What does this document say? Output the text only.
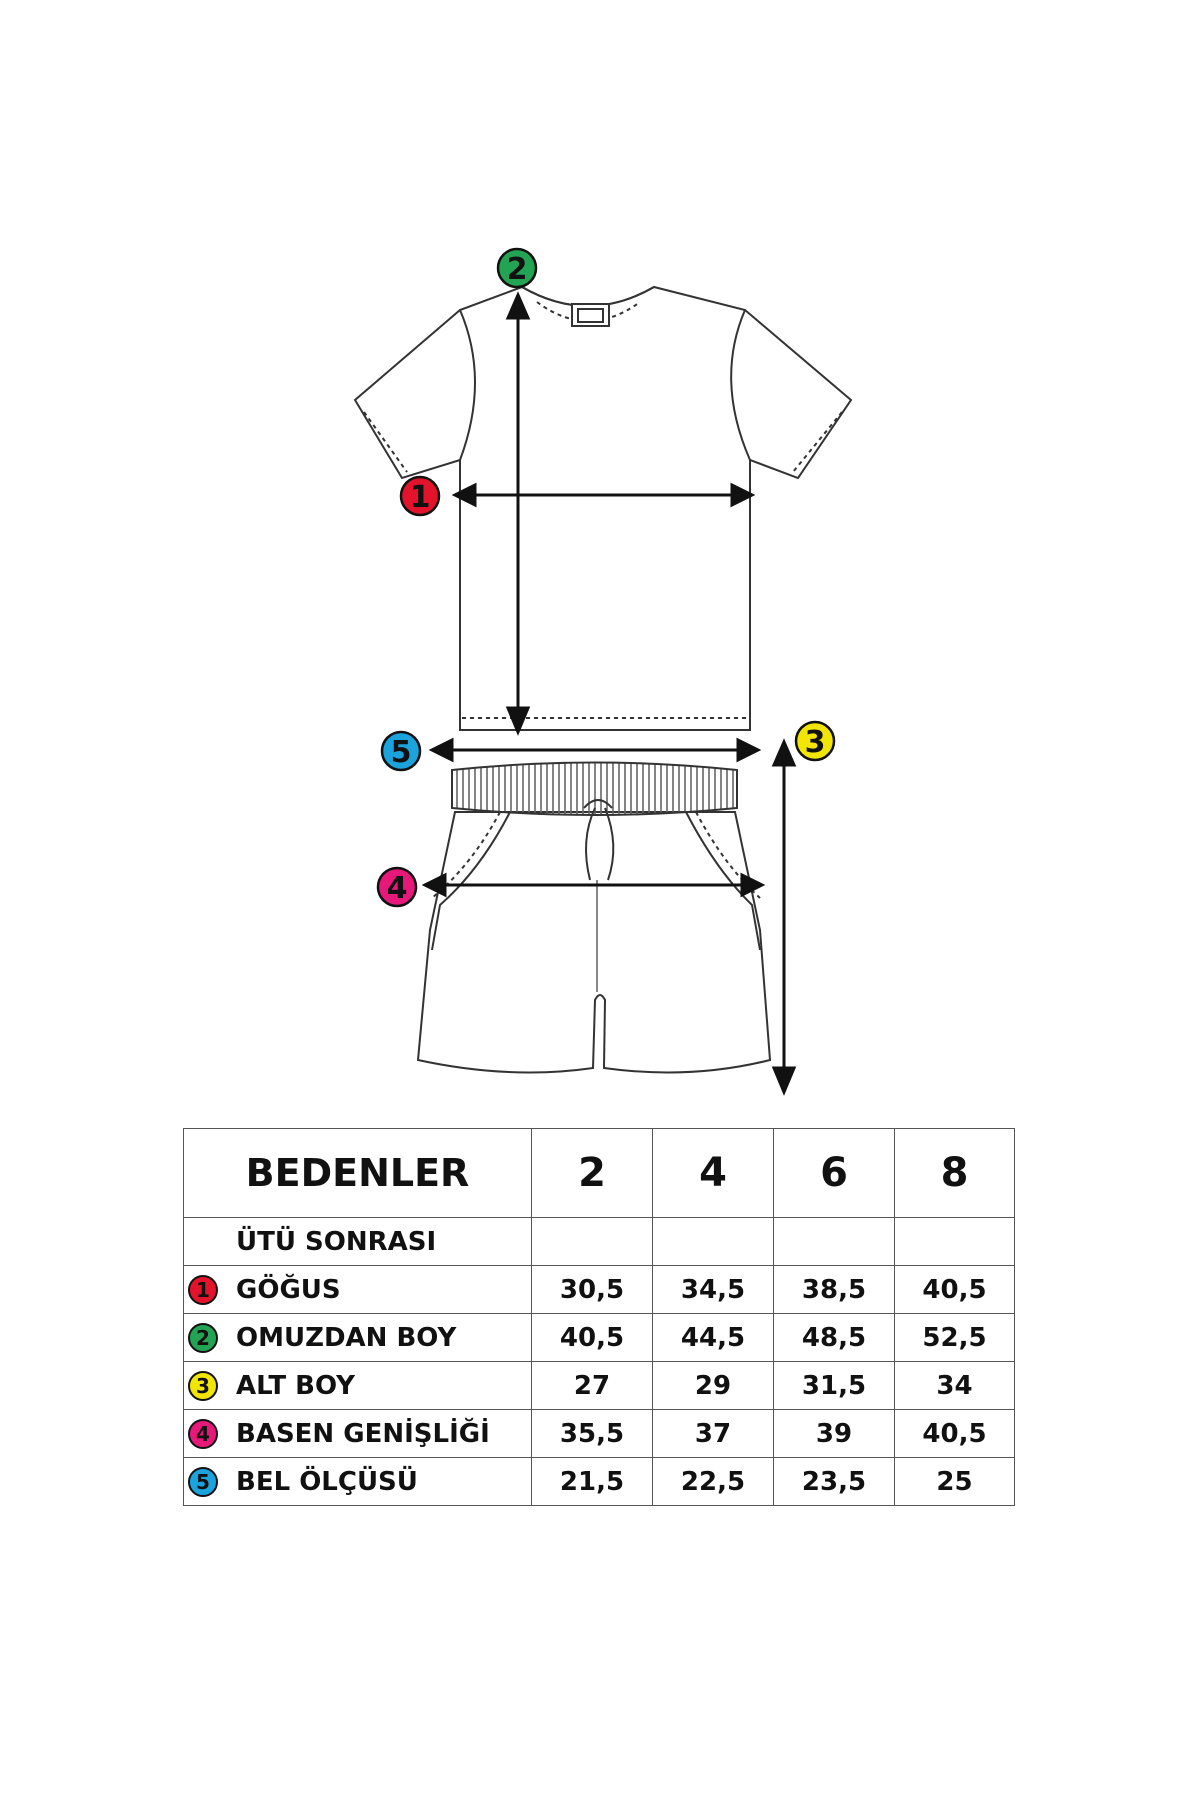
1
2
3
4
5
BEDENLER	2	4	6	8

ÜTÜ SONRASI				

1 GÖĞUS	30,5	34,5	38,5	40,5

2 OMUZDAN BOY	40,5	44,5	48,5	52,5

3 ALT BOY	27	29	31,5	34

4 BASEN GENİŞLİĞİ	35,5	37	39	40,5

5 BEL ÖLÇÜSÜ	21,5	22,5	23,5	25
